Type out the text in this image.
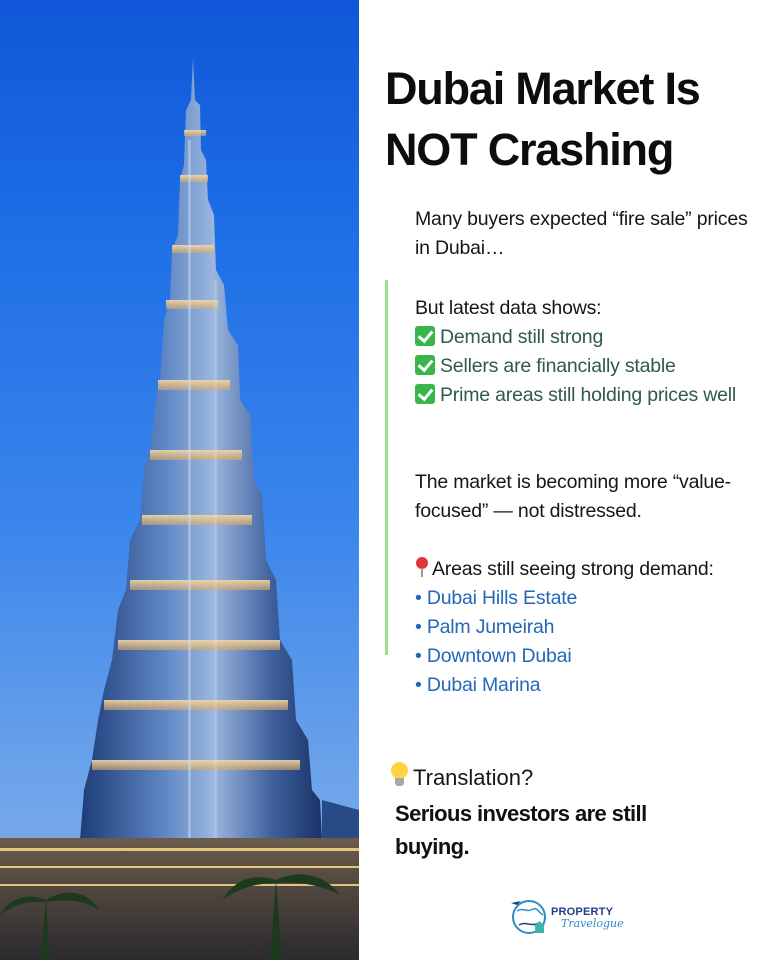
Dubai Market Is NOT Crashing

Many buyers expected “fire sale” prices in Dubai…

But latest data shows:
Demand still strong
Sellers are financially stable
Prime areas still holding prices well
The market is becoming more “value-focused” — not distressed.
Areas still seeing strong demand:
• Dubai Hills Estate
• Palm Jumeirah
• Downtown Dubai
• Dubai Marina
Translation?
Serious investors are still buying.
PROPERTY
Travelogue
